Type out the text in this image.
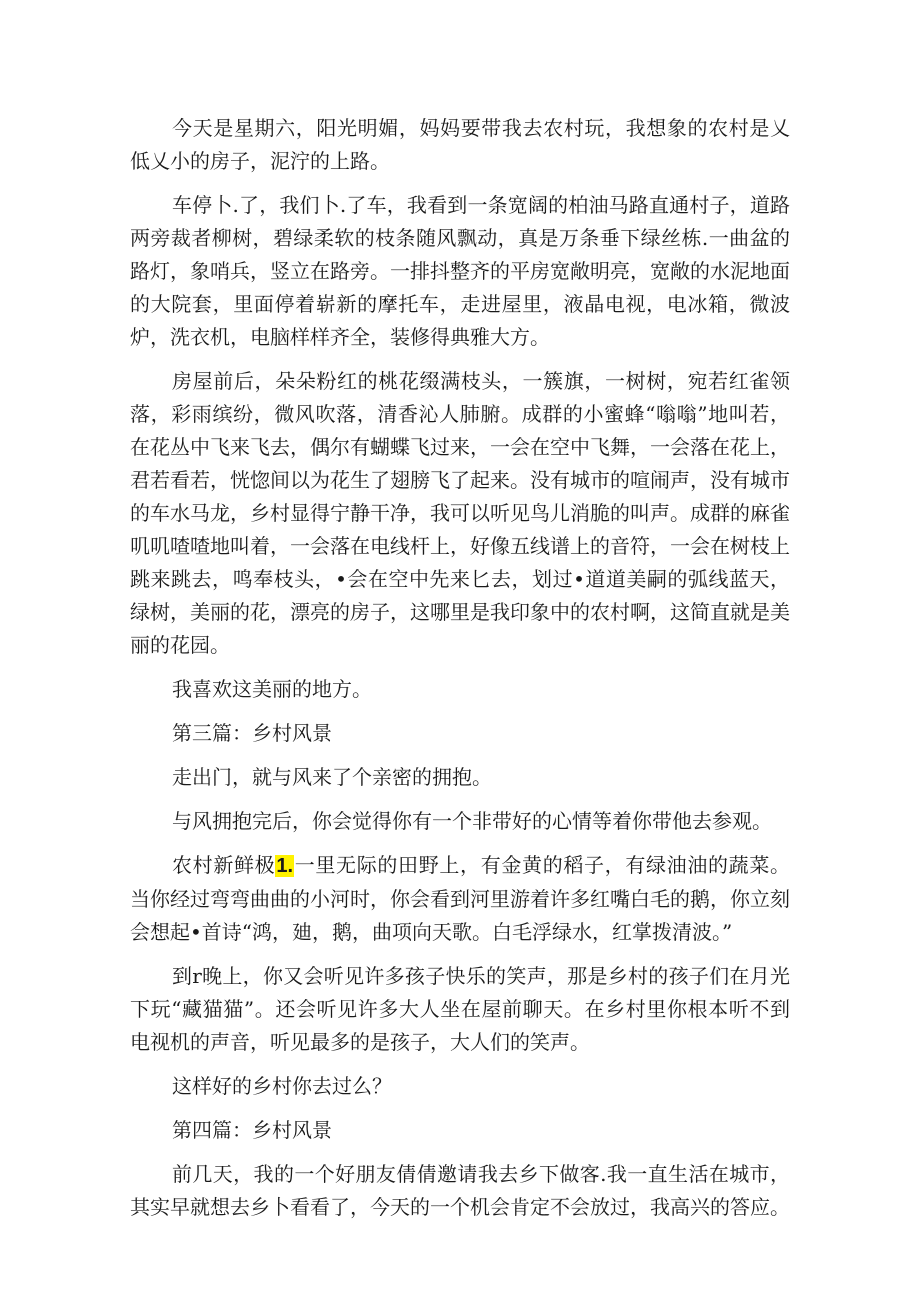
今天是星期六，阳光明媚，妈妈要带我去农村玩，我想象的农村是乂低乂小的房子，泥泞的上路。

车停卜.了，我们卜.了车，我看到一条宽阔的柏油马路直通村子，道路两旁裁者柳树，碧绿柔软的枝条随风飘动，真是万条垂下绿丝栋.一曲盆的路灯，象哨兵，竖立在路旁。一排抖整齐的平房宽敞明亮，宽敞的水泥地面的大院套，里面停着崭新的摩托车，走进屋里，液晶电视，电冰箱，微波炉，洗衣机，电脑样样齐全，装修得典雅大方。

房屋前后，朵朵粉红的桃花缀满枝头，一簇旗，一树树，宛若红雀领落，彩雨缤纷，微风吹落，清香沁人肺腑。成群的小蜜蜂“嗡嗡”地叫若，在花丛中飞来飞去，偶尔有蝴蝶飞过来，一会在空中飞舞，一会落在花上，君若看若，恍惚间以为花生了翅膀飞了起来。没有城市的喧闹声，没有城市的车水马龙，乡村显得宁静干净，我可以听见鸟儿消脆的叫声。成群的麻雀叽叽喳喳地叫着，一会落在电线杆上，好像五线谱上的音符，一会在树枝上跳来跳去，鸣奉枝头，•会在空中先来匕去，划过•道道美嗣的弧线蓝天，绿树，美丽的花，漂亮的房子，这哪里是我印象中的农村啊，这简直就是美丽的花园。

我喜欢这美丽的地方。

第三篇：乡村风景

走出门，就与风来了个亲密的拥抱。

与风拥抱完后，你会觉得你有一个非带好的心情等着你带他去参观。

农村新鲜极1.一里无际的田野上，有金黄的稻子，有绿油油的蔬菜。当你经过弯弯曲曲的小河时，你会看到河里游着许多红嘴白毛的鹅，你立刻会想起•首诗“鸿，廸，鹅，曲项向天歌。白毛浮绿水，红掌拨清波。”

到r晚上，你又会听见许多孩子快乐的笑声，那是乡村的孩子们在月光下玩“藏猫猫”。还会听见许多大人坐在屋前聊天。在乡村里你根本听不到电视机的声音，听见最多的是孩子，大人们的笑声。

这样好的乡村你去过么？

第四篇：乡村风景

前几天，我的一个好朋友倩倩邀请我去乡下做客.我一直生活在城市，其实早就想去乡卜看看了，今天的一个机会肯定不会放过，我高兴的答应。
